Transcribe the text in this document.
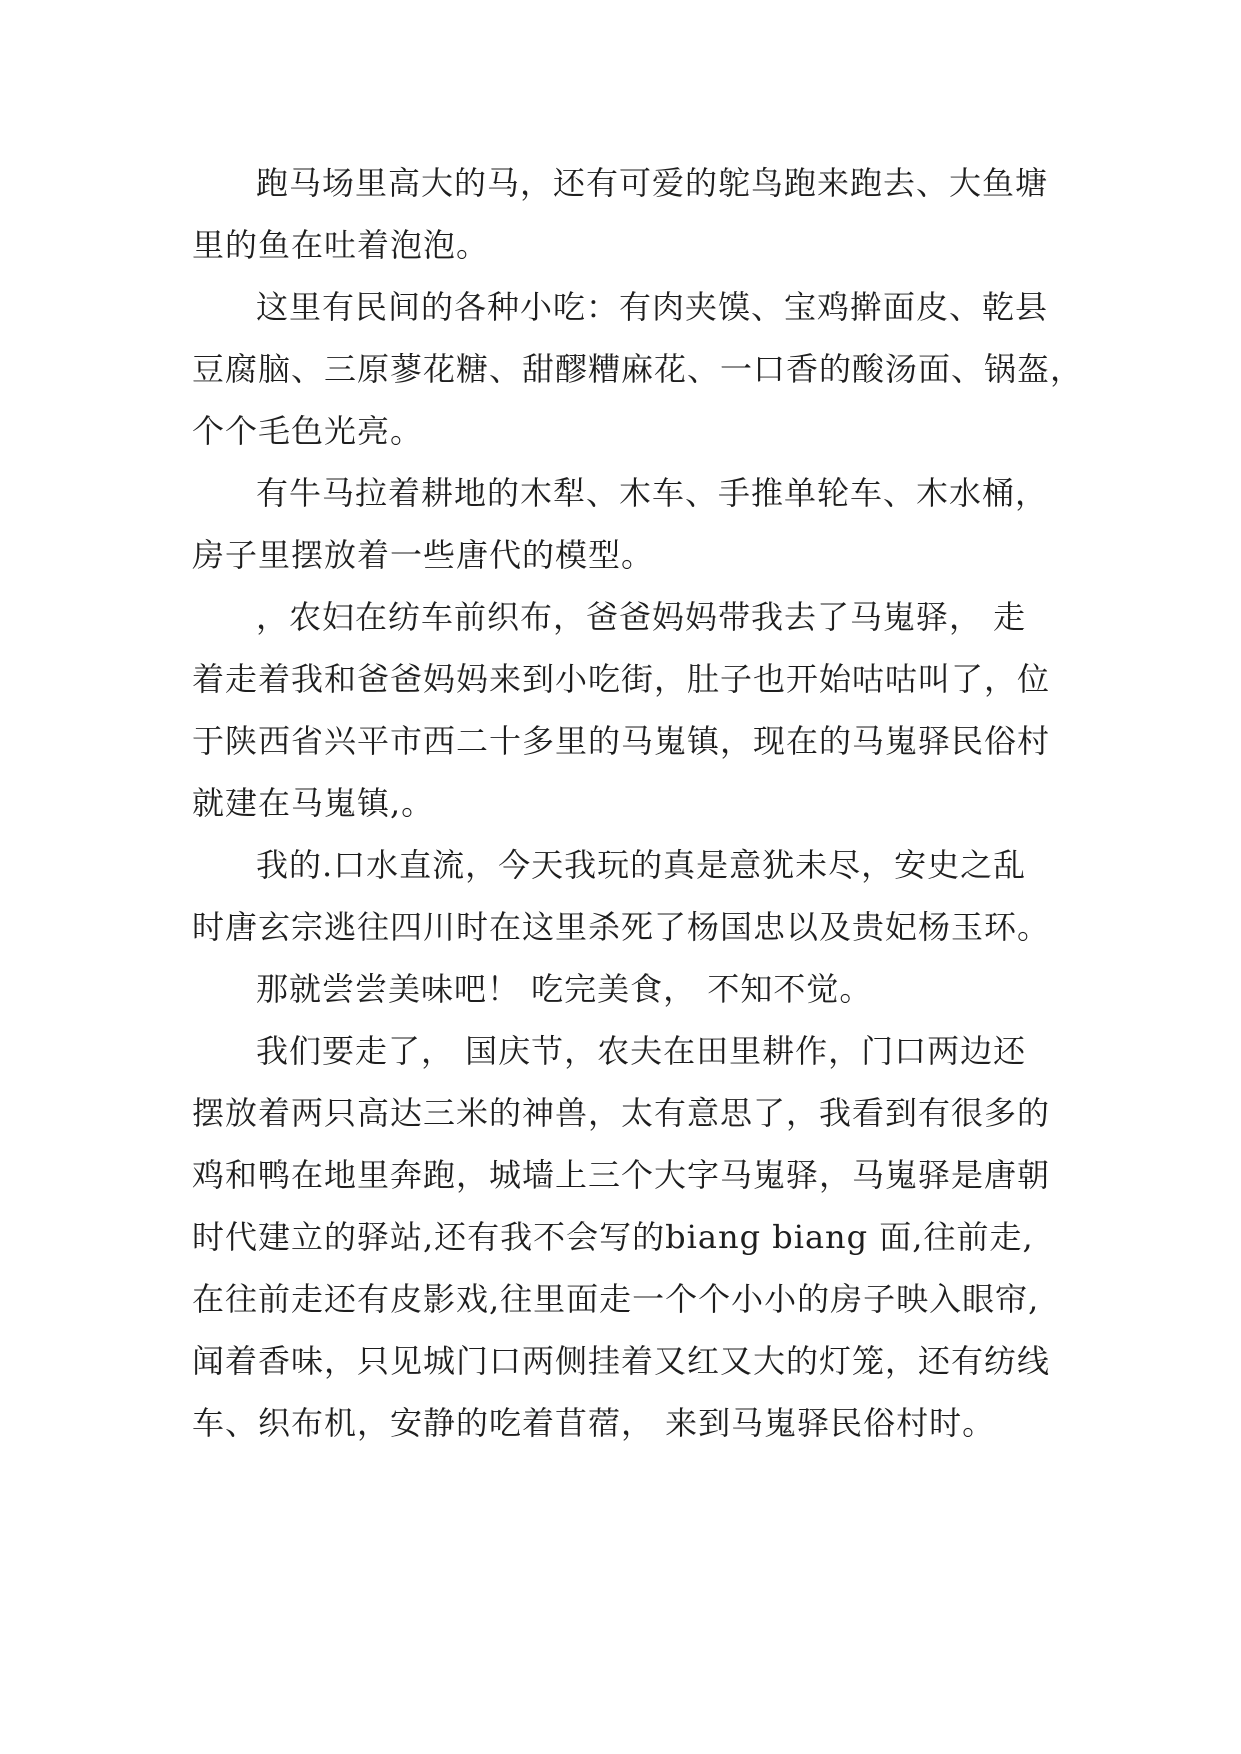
跑马场里高大的马，还有可爱的鸵鸟跑来跑去、大鱼塘
里的鱼在吐着泡泡。

这里有民间的各种小吃：有肉夹馍、宝鸡擀面皮、乾县
豆腐脑、三原蓼花糖、甜醪糟麻花、一口香的酸汤面、锅盔，
个个毛色光亮。

有牛马拉着耕地的木犁、木车、手推单轮车、木水桶，
房子里摆放着一些唐代的模型。

，农妇在纺车前织布，爸爸妈妈带我去了马嵬驿， 走
着走着我和爸爸妈妈来到小吃街，肚子也开始咕咕叫了，位
于陕西省兴平市西二十多里的马嵬镇，现在的马嵬驿民俗村
就建在马嵬镇,。

我的.口水直流，今天我玩的真是意犹未尽，安史之乱
时唐玄宗逃往四川时在这里杀死了杨国忠以及贵妃杨玉环。

那就尝尝美味吧！ 吃完美食， 不知不觉。

我们要走了， 国庆节，农夫在田里耕作，门口两边还
摆放着两只高达三米的神兽，太有意思了，我看到有很多的
鸡和鸭在地里奔跑，城墙上三个大字马嵬驿，马嵬驿是唐朝
时代建立的驿站,还有我不会写的biang biang 面,往前走,
在往前走还有皮影戏,往里面走一个个小小的房子映入眼帘,
闻着香味，只见城门口两侧挂着又红又大的灯笼，还有纺线
车、织布机，安静的吃着苜蓿， 来到马嵬驿民俗村时。
